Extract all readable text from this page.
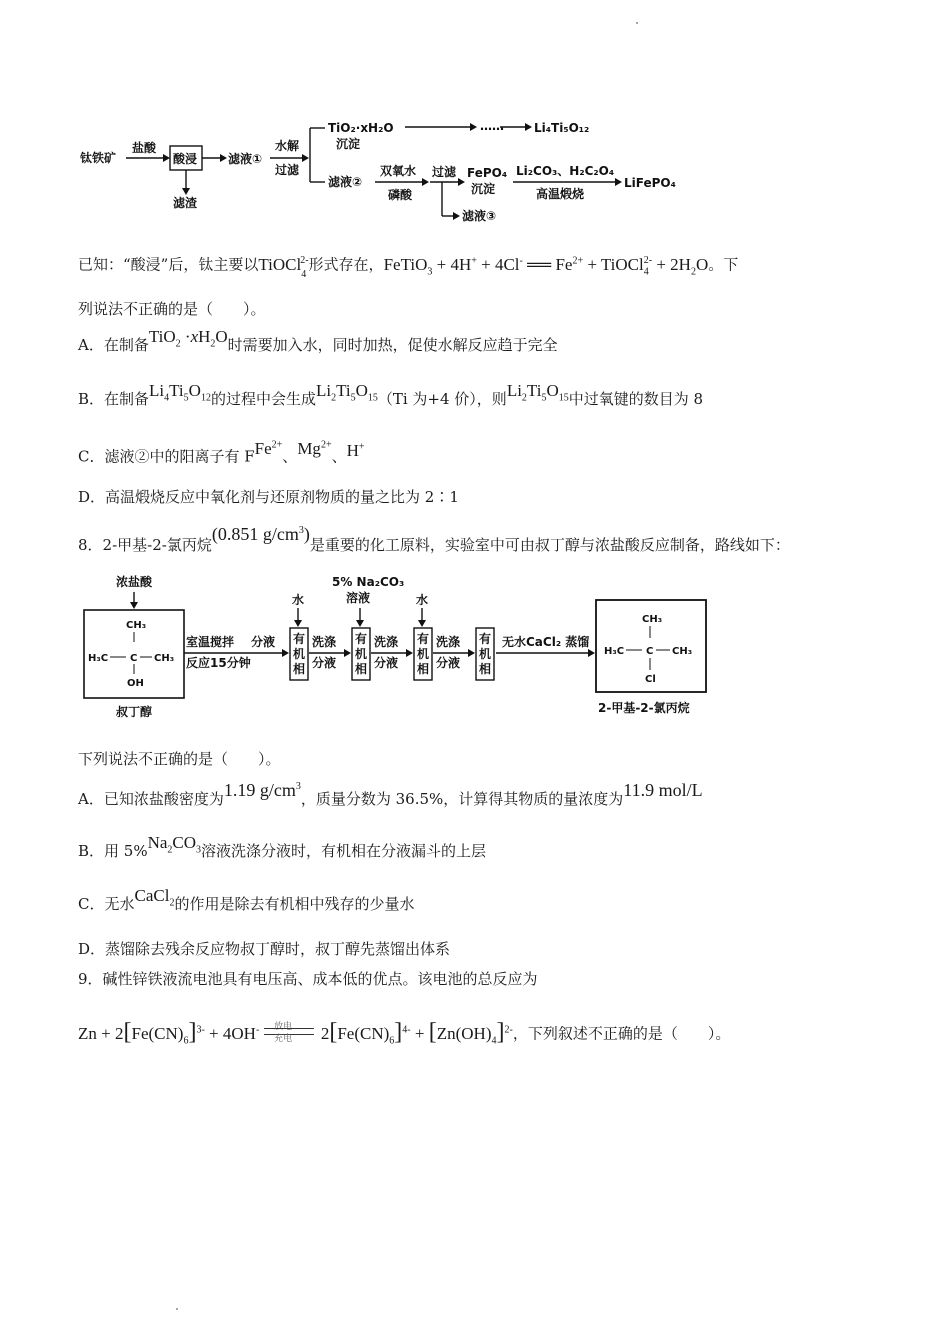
钛铁矿
盐酸
酸浸
滤渣
滤液①
水解
过滤
TiO₂·xH₂O
沉淀
……	Li₄Ti₅O₁₂
滤液②
双氧水
磷酸
过滤
滤液③
FePO₄
沉淀
Li₂CO₃、H₂C₂O₄
高温煅烧
LiFePO₄
已知：“酸浸”后，钛主要以TiOCl$_4^{2-}$形式存在，FeTiO$_3$ + 4H+ + 4Cl- ══ $Fe^{2+}$ + TiOCl$_4^{2-}$ + $2H_2O$。下
列说法不正确的是（　　）。
A．在制备$TiO_2 \cdot xH_2O$时需要加入水，同时加热，促使水解反应趋于完全
B．在制备$Li_4Ti_5O_{12}$的过程中会生成$Li_2Ti_5O_{15}(Ti$ 为+4 价），则$Li_2Ti_5O_{15}$中过氧键的数目为 8
C．滤液②中的阳离子有 FFe$^{2+}$、$Mg^{2+}$、H+
D．高温煅烧反应中氧化剂与还原剂物质的量之比为 2∶1
8．2-甲基-2-氯丙烷(0.851 $g/cm^3$)是重要的化工原料，实验室中可由叔丁醇与浓盐酸反应制备，路线如下：
浓盐酸
CH₃
H₃C C CH₃
OH
叔丁醇
室温搅拌
反应15分钟
分液
水
有
机
相
洗涤
分液
5% Na₂CO₃
溶液
有
机
相
洗涤
分液
水
有
机
相
洗涤
分液
有
机
相
无水CaCl₂ 蒸馏
CH₃
H₃C C CH₃
Cl
2-甲基-2-氯丙烷
下列说法不正确的是（　　）。
A．已知浓盐酸密度为1.19 $g/cm^3$，质量分数为 36.5%，计算得其物质的量浓度为11.9 mol/L
B．用 $5\%Na_2CO_3$溶液洗涤分液时，有机相在分液漏斗的上层
C．无水CaCl$_2$的作用是除去有机相中残存的少量水
D．蒸馏除去残余反应物叔丁醇时，叔丁醇先蒸馏出体系
9．碱性锌铁液流电池具有电压高、成本低的优点。该电池的总反应为
$Zn + 2[Fe(CN)_6]^{3-} + 4OH^-$ 放电
充电 $2[Fe(CN)_6]^{4-} + [Zn(OH)_4]^{2-}$，下列叙述不正确的是（　　）。
